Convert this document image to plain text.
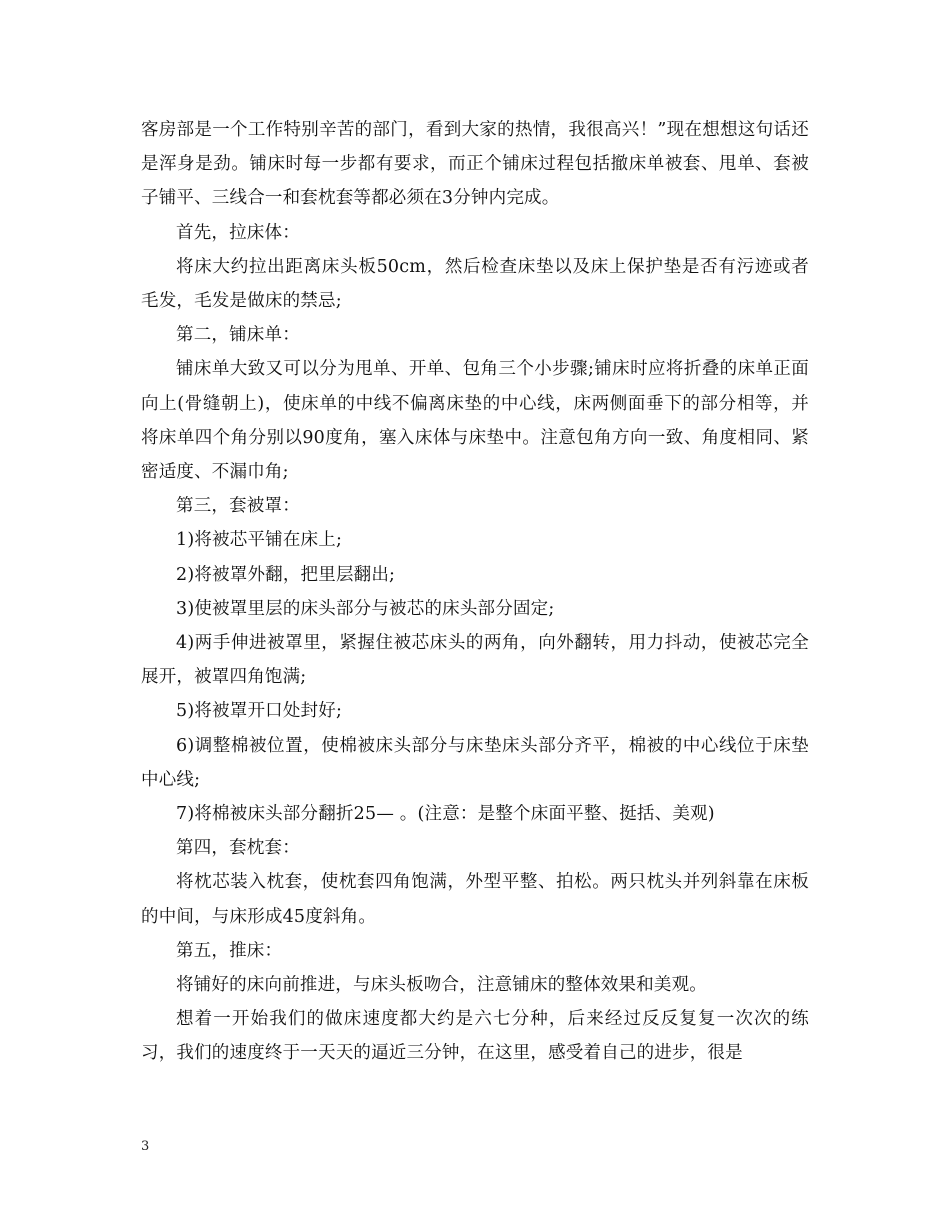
客房部是一个工作特别辛苦的部门，看到大家的热情，我很高兴！”现在想想这句话还是浑身是劲。铺床时每一步都有要求，而正个铺床过程包括撤床单被套、甩单、套被子铺平、三线合一和套枕套等都必须在3分钟内完成。

首先，拉床体：

将床大约拉出距离床头板50cm，然后检查床垫以及床上保护垫是否有污迹或者毛发，毛发是做床的禁忌;

第二，铺床单：

铺床单大致又可以分为甩单、开单、包角三个小步骤;铺床时应将折叠的床单正面向上(骨缝朝上)，使床单的中线不偏离床垫的中心线，床两侧面垂下的部分相等，并将床单四个角分别以90度角，塞入床体与床垫中。注意包角方向一致、角度相同、紧密适度、不漏巾角;

第三，套被罩：

1)将被芯平铺在床上;

2)将被罩外翻，把里层翻出;

3)使被罩里层的床头部分与被芯的床头部分固定;

4)两手伸进被罩里，紧握住被芯床头的两角，向外翻转，用力抖动，使被芯完全展开，被罩四角饱满;

5)将被罩开口处封好;

6)调整棉被位置，使棉被床头部分与床垫床头部分齐平，棉被的中心线位于床垫中心线;

7)将棉被床头部分翻折25— 。(注意：是整个床面平整、挺括、美观)

第四，套枕套：

将枕芯装入枕套，使枕套四角饱满，外型平整、拍松。两只枕头并列斜靠在床板的中间，与床形成45度斜角。

第五，推床：

将铺好的床向前推进，与床头板吻合，注意铺床的整体效果和美观。

想着一开始我们的做床速度都大约是六七分种，后来经过反反复复一次次的练习，我们的速度终于一天天的逼近三分钟，在这里，感受着自己的进步，很是

3
